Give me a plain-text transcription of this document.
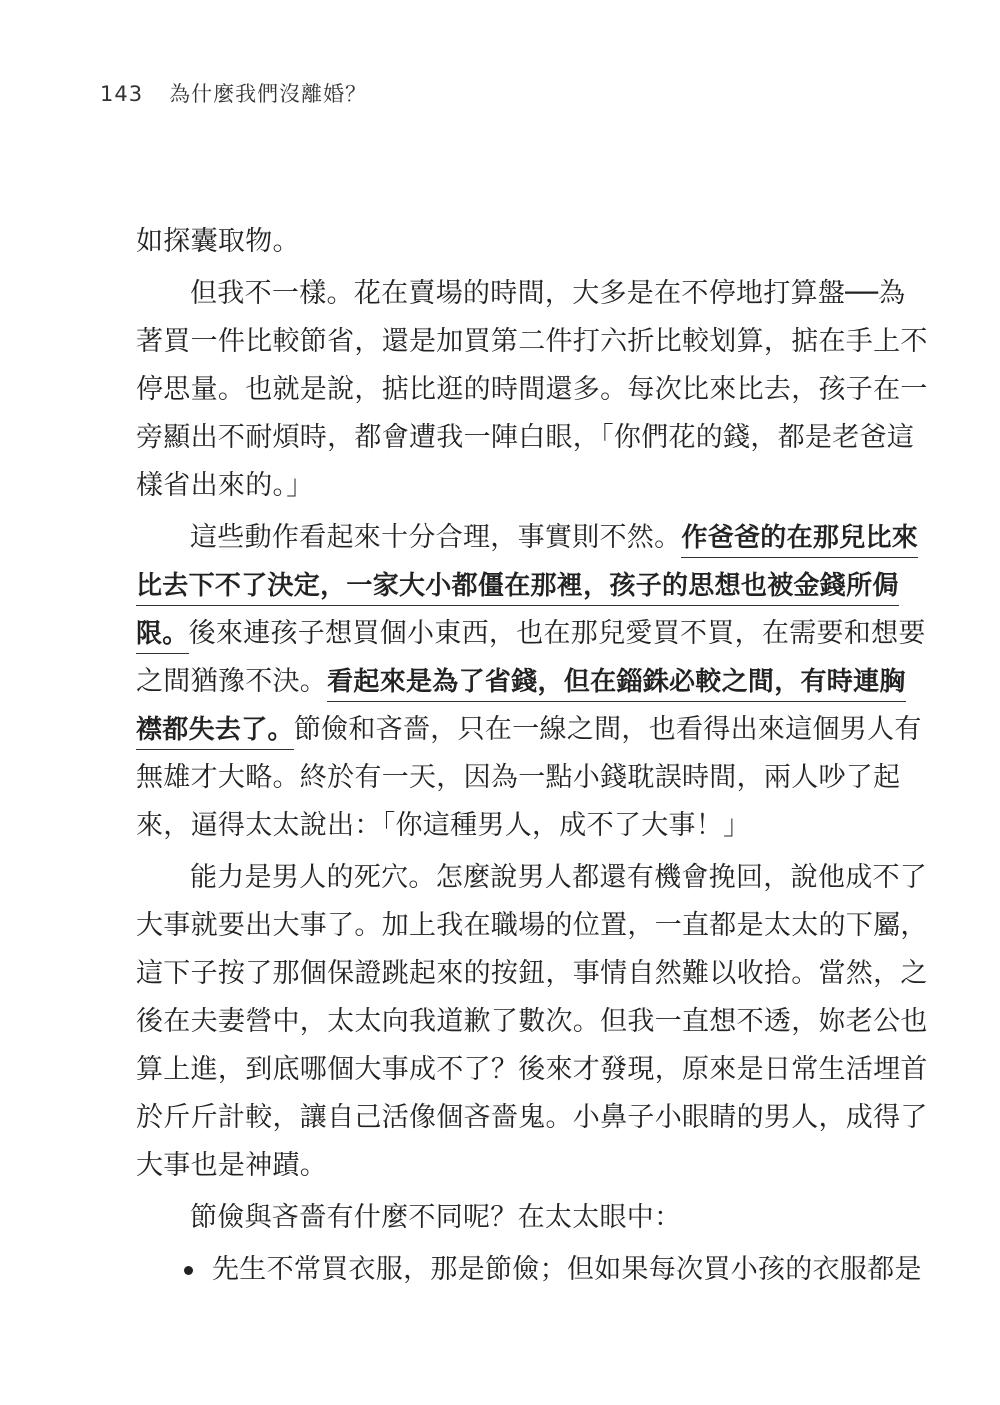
143 為什麼我們沒離婚？
如探囊取物。
但我不一樣。花在賣場的時間，大多是在不停地打算盤──為
著買一件比較節省，還是加買第二件打六折比較划算，掂在手上不
停思量。也就是說，掂比逛的時間還多。每次比來比去，孩子在一
旁顯出不耐煩時，都會遭我一陣白眼，「你們花的錢，都是老爸這
樣省出來的。」
這些動作看起來十分合理，事實則不然。作爸爸的在那兒比來
比去下不了決定，一家大小都僵在那裡，孩子的思想也被金錢所侷
限。後來連孩子想買個小東西，也在那兒愛買不買，在需要和想要
之間猶豫不決。看起來是為了省錢，但在錙銖必較之間，有時連胸
襟都失去了。節儉和吝嗇，只在一線之間，也看得出來這個男人有
無雄才大略。終於有一天，因為一點小錢耽誤時間，兩人吵了起
來，逼得太太說出：「你這種男人，成不了大事！」
能力是男人的死穴。怎麼說男人都還有機會挽回，說他成不了
大事就要出大事了。加上我在職場的位置，一直都是太太的下屬，
這下子按了那個保證跳起來的按鈕，事情自然難以收拾。當然，之
後在夫妻營中，太太向我道歉了數次。但我一直想不透，妳老公也
算上進，到底哪個大事成不了？後來才發現，原來是日常生活埋首
於斤斤計較，讓自己活像個吝嗇鬼。小鼻子小眼睛的男人，成得了
大事也是神蹟。
節儉與吝嗇有什麼不同呢？在太太眼中：
先生不常買衣服，那是節儉；但如果每次買小孩的衣服都是
